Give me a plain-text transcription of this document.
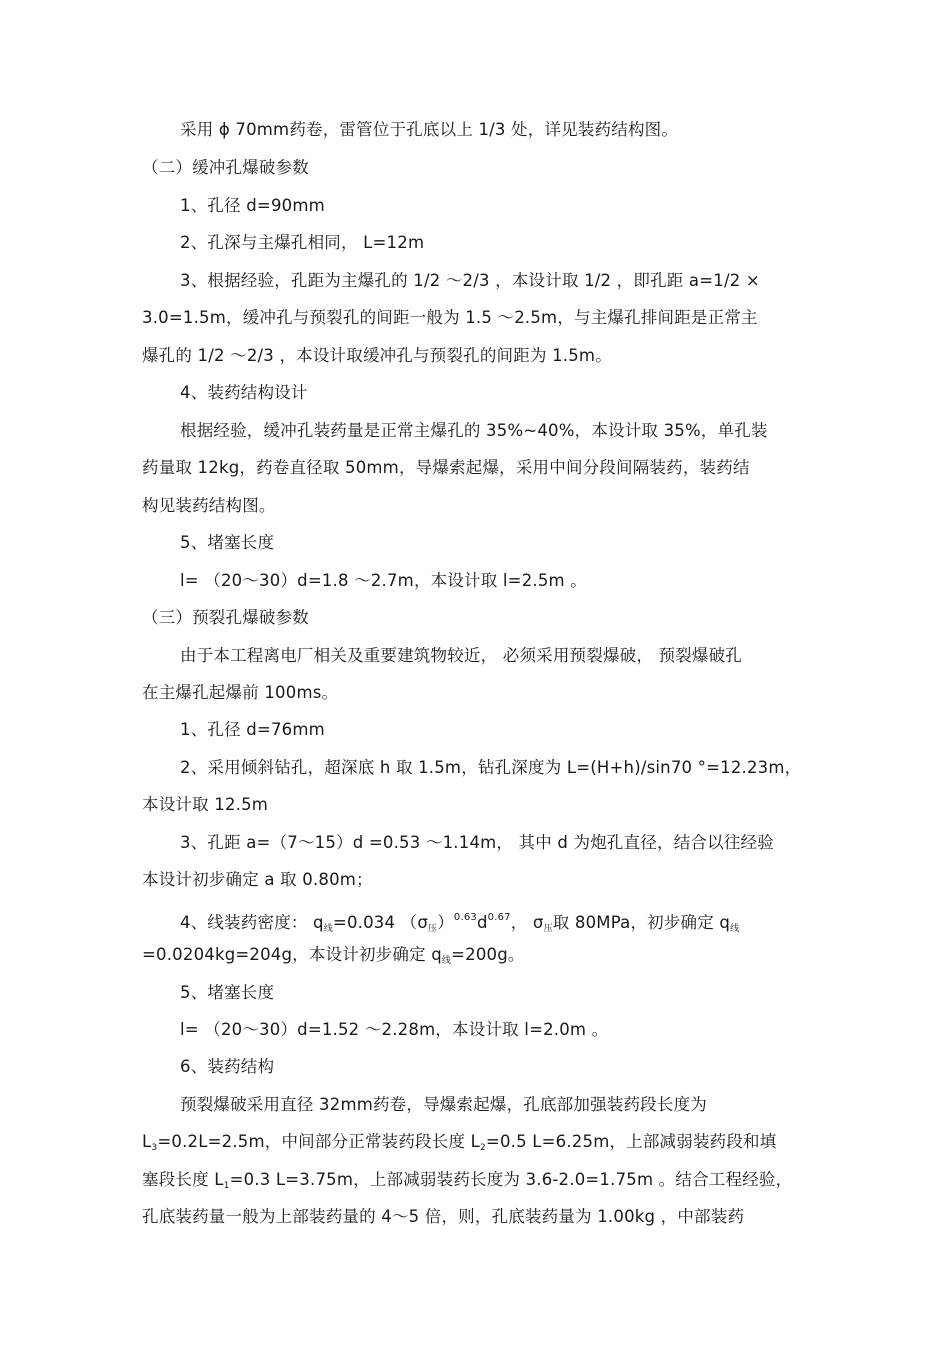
采用 ϕ 70mm药卷，雷管位于孔底以上 1/3 处，详见装药结构图。
（二）缓冲孔爆破参数
1、孔径 d=90mm
2、孔深与主爆孔相同， L=12m
3、根据经验，孔距为主爆孔的 1/2 ～2/3 ，本设计取 1/2 ，即孔距 a=1/2 ×
3.0=1.5m，缓冲孔与预裂孔的间距一般为 1.5 ～2.5m，与主爆孔排间距是正常主
爆孔的 1/2 ～2/3 ，本设计取缓冲孔与预裂孔的间距为 1.5m。
4、装药结构设计
根据经验，缓冲孔装药量是正常主爆孔的 35%~40%，本设计取 35%，单孔装
药量取 12kg，药卷直径取 50mm，导爆索起爆，采用中间分段间隔装药，装药结
构见装药结构图。
5、堵塞长度
l= （20～30）d=1.8 ～2.7m，本设计取 l=2.5m 。
（三）预裂孔爆破参数
由于本工程离电厂相关及重要建筑物较近， 必须采用预裂爆破， 预裂爆破孔
在主爆孔起爆前 100ms。
1、孔径 d=76mm
2、采用倾斜钻孔，超深底 h 取 1.5m，钻孔深度为 L=(H+h)/sin70 °=12.23m，
本设计取 12.5m
3、孔距 a=（7～15）d =0.53 ～1.14m， 其中 d 为炮孔直径，结合以往经验
本设计初步确定 a 取 0.80m；
4、线装药密度： $q_线=0.034$ $(\sigma_压)^{0.63}d^{0.67}$， $\sigma_压$取 80MPa，初步确定 $q_线$
=0.0204kg=204g，本设计初步确定 $q_线=200g$。
5、堵塞长度
l= （20～30）d=1.52 ～2.28m，本设计取 l=2.0m 。
6、装药结构
预裂爆破采用直径 32mm药卷，导爆索起爆，孔底部加强装药段长度为
$L_3=0.2L=2.5m$，中间部分正常装药段长度 $L_2=0.5$ L=6.25m，上部减弱装药段和填
塞段长度 $L_1=0.3$ L=3.75m，上部减弱装药长度为 3.6-2.0=1.75m 。结合工程经验，
孔底装药量一般为上部装药量的 4～5 倍，则，孔底装药量为 1.00kg ，中部装药
